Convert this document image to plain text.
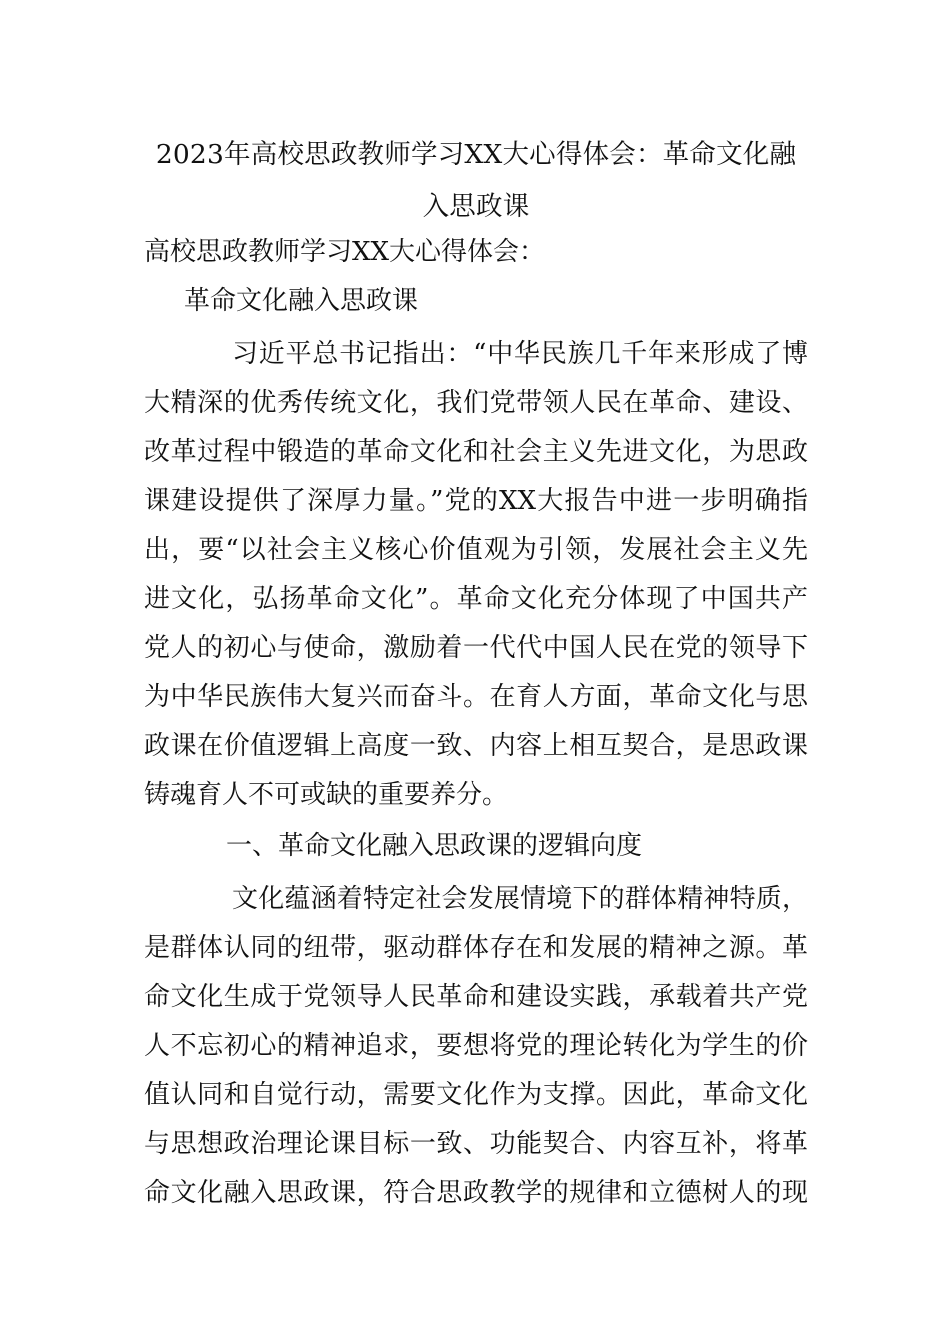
2023年高校思政教师学习XX大心得体会：革命文化融入思政课
高校思政教师学习XX大心得体会：
革命文化融入思政课
习近平总书记指出：“中华民族几千年来形成了博
大精深的优秀传统文化，我们党带领人民在革命、建设、
改革过程中锻造的革命文化和社会主义先进文化，为思政
课建设提供了深厚力量。”党的XX大报告中进一步明确指
出，要“以社会主义核心价值观为引领，发展社会主义先
进文化，弘扬革命文化”。革命文化充分体现了中国共产
党人的初心与使命，激励着一代代中国人民在党的领导下
为中华民族伟大复兴而奋斗。在育人方面，革命文化与思
政课在价值逻辑上高度一致、内容上相互契合，是思政课
铸魂育人不可或缺的重要养分。
一、革命文化融入思政课的逻辑向度
文化蕴涵着特定社会发展情境下的群体精神特质，
是群体认同的纽带，驱动群体存在和发展的精神之源。革
命文化生成于党领导人民革命和建设实践，承载着共产党
人不忘初心的精神追求，要想将党的理论转化为学生的价
值认同和自觉行动，需要文化作为支撑。因此，革命文化
与思想政治理论课目标一致、功能契合、内容互补，将革
命文化融入思政课，符合思政教学的规律和立德树人的现
